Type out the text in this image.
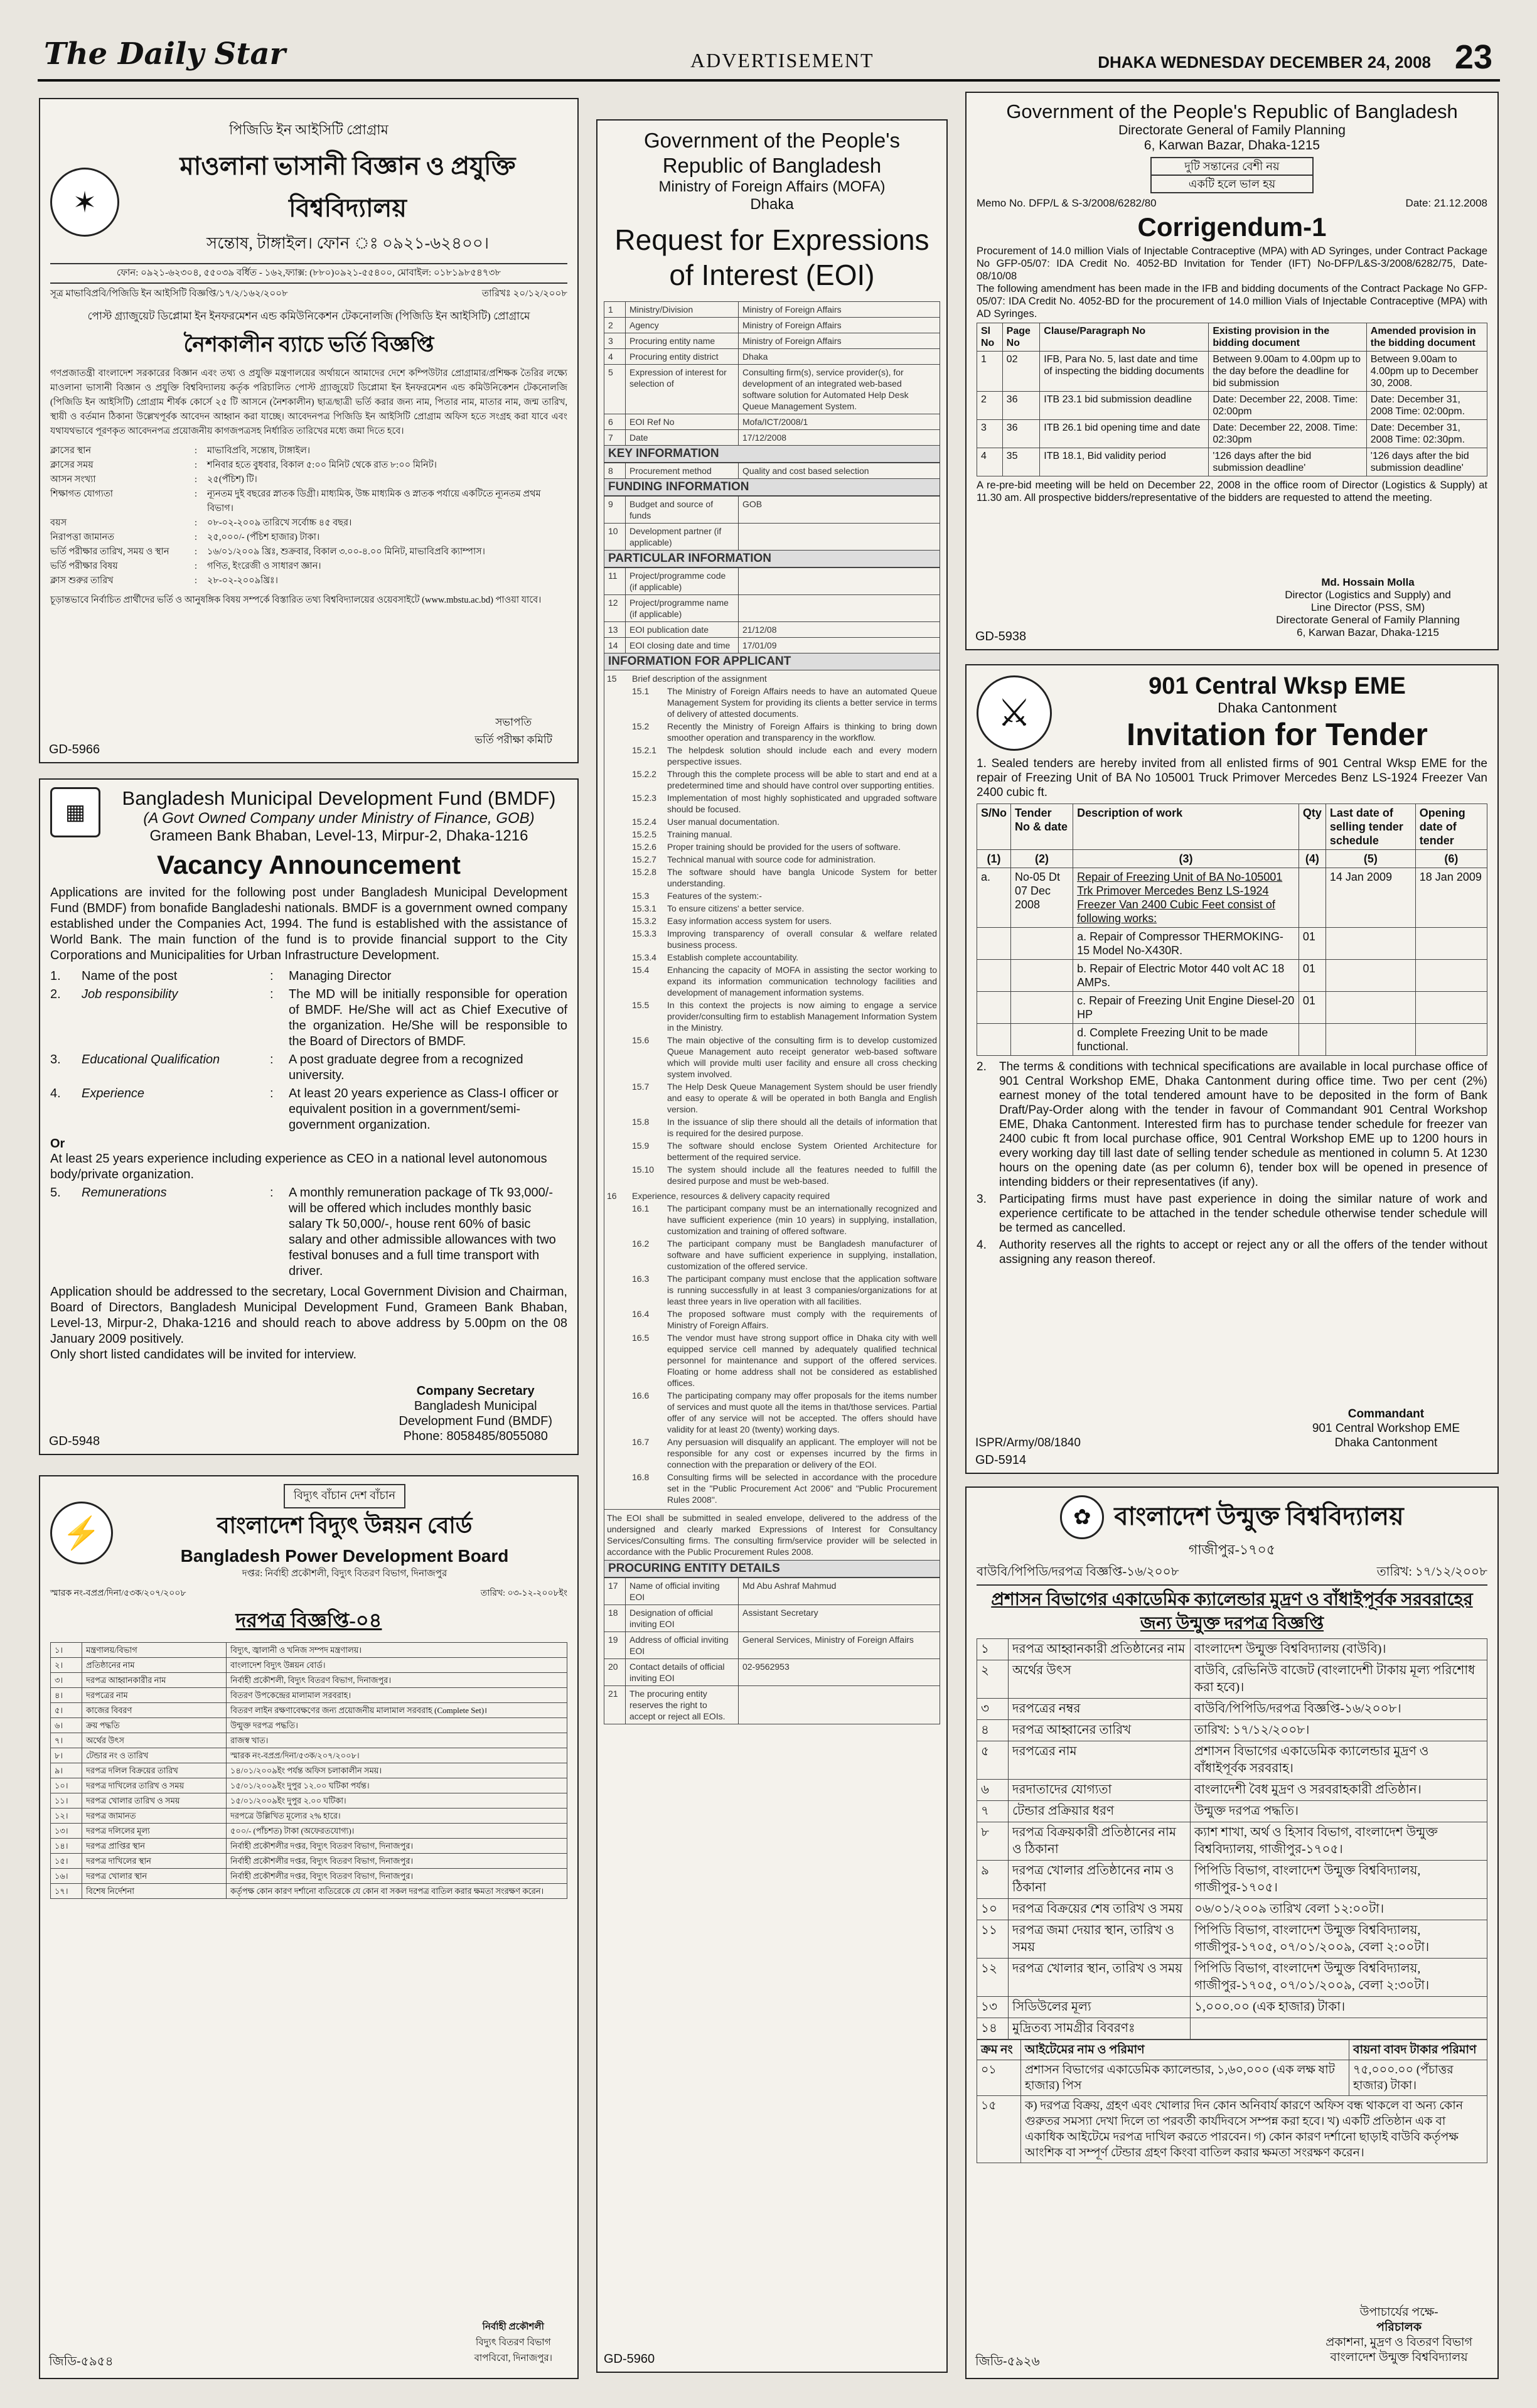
The Daily Star	ADVERTISEMENT	DHAKA WEDNESDAY DECEMBER 24, 2008 23
পিজিডি ইন আইসিটি প্রোগ্রাম
✶
মাওলানা ভাসানী বিজ্ঞান ও প্রযুক্তি বিশ্ববিদ্যালয়
সন্তোষ, টাঙ্গাইল। ফোন ঃ ০৯২১-৬২৪০০।
ফোন: ০৯২১-৬২৩০৪, ৫৫০৩৯ বর্ধিত - ১৬২,ফ্যাক্স: (৮৮০)০৯২১-৫৫৪০০, মোবাইল: ০১৮১৯৮৫৪৭৩৮
সূত্র মাভাবিপ্রবি/পিজিডি ইন আইসিটি বিজ্ঞপ্তি/১৭/২/১৬২/২০০৮	তারিখঃ ২০/১২/২০০৮
পোস্ট গ্র্যাজুয়েট ডিপ্লোমা ইন ইনফরমেশন এন্ড কমিউনিকেশন টেকনোলজি (পিজিডি ইন আইসিটি) প্রোগ্রামে
নৈশকালীন ব্যাচে ভর্তি বিজ্ঞপ্তি
গণপ্রজাতন্ত্রী বাংলাদেশ সরকারের বিজ্ঞান এবং তথ্য ও প্রযুক্তি মন্ত্রণালয়ের অর্থায়নে আমাদের দেশে কম্পিউটার প্রোগ্রামার/প্রশিক্ষক তৈরির লক্ষ্যে মাওলানা ভাসানী বিজ্ঞান ও প্রযুক্তি বিশ্ববিদ্যালয় কর্তৃক পরিচালিত পোস্ট গ্র্যাজুয়েট ডিপ্লোমা ইন ইনফরমেশন এন্ড কমিউনিকেশন টেকনোলজি (পিজিডি ইন আইসিটি) প্রোগ্রাম শীর্ষক কোর্সে ২৫ টি আসনে (নৈশকালীন) ছাত্র/ছাত্রী ভর্তি করার জন্য নাম, পিতার নাম, মাতার নাম, জন্ম তারিখ, স্থায়ী ও বর্তমান ঠিকানা উল্লেখপূর্বক আবেদন আহ্বান করা যাচ্ছে। আবেদনপত্র পিজিডি ইন আইসিটি প্রোগ্রাম অফিস হতে সংগ্রহ করা যাবে এবং যথাযথভাবে পূরণকৃত আবেদনপত্র প্রয়োজনীয় কাগজপত্রসহ নির্ধারিত তারিখের মধ্যে জমা দিতে হবে।
ক্লাসের স্থান	:	মাভাবিপ্রবি, সন্তোষ, টাঙ্গাইল।
ক্লাসের সময়	:	শনিবার হতে বুধবার, বিকাল ৫:০০ মিনিট থেকে রাত ৮:০০ মিনিট।
আসন সংখ্যা	:	২৫(পঁচিশ) টি।
শিক্ষাগত যোগ্যতা	:	ন্যূনতম দুই বছরের স্নাতক ডিগ্রী। মাধ্যমিক, উচ্চ মাধ্যমিক ও স্নাতক পর্যায়ে একটিতে ন্যূনতম প্রথম বিভাগ।
বয়স	:	০৮-০২-২০০৯ তারিখে সর্বোচ্চ ৪৫ বছর।
নিরাপত্তা জামানত	:	২৫,০০০/- (পঁচিশ হাজার) টাকা।
ভর্তি পরীক্ষার তারিখ, সময় ও স্থান	:	১৬/০১/২০০৯ খ্রিঃ, শুক্রবার, বিকাল ৩.০০-৪.০০ মিনিট, মাভাবিপ্রবি ক্যাম্পাস।
ভর্তি পরীক্ষার বিষয়	:	গণিত, ইংরেজী ও সাধারণ জ্ঞান।
ক্লাস শুরুর তারিখ	:	২৮-০২-২০০৯খ্রিঃ।
চূড়ান্তভাবে নির্বাচিত প্রার্থীদের ভর্তি ও আনুষঙ্গিক বিষয় সম্পর্কে বিস্তারিত তথ্য বিশ্ববিদ্যালয়ের ওয়েবসাইটে (www.mbstu.ac.bd) পাওয়া যাবে।
সভাপতি
ভর্তি পরীক্ষা কমিটি
GD-5966
▦
Bangladesh Municipal Development Fund (BMDF)
(A Govt Owned Company under Ministry of Finance, GOB)
Grameen Bank Bhaban, Level-13, Mirpur-2, Dhaka-1216
Vacancy Announcement
Applications are invited for the following post under Bangladesh Municipal Development Fund (BMDF) from bonafide Bangladeshi nationals. BMDF is a government owned company established under the Companies Act, 1994. The fund is established with the assistance of World Bank. The main function of the fund is to provide financial support to the City Corporations and Municipalities for Urban Infrastructure Development.
1.	Name of the post	:	Managing Director
2.	Job responsibility	:	The MD will be initially responsible for operation of BMDF. He/She will act as Chief Executive of the organization. He/She will be responsible to the Board of Directors of BMDF.
3.	Educational Qualification	:	A post graduate degree from a recognized university.
4.	Experience	:	At least 20 years experience as Class-I officer or equivalent position in a government/semi-government organization.
Or
At least 25 years experience including experience as CEO in a national level autonomous body/private organization.
5.	Remunerations	:	A monthly remuneration package of Tk 93,000/- will be offered which includes monthly basic salary Tk 50,000/-, house rent 60% of basic salary and other admissible allowances with two festival bonuses and a full time transport with driver.
Application should be addressed to the secretary, Local Government Division and Chairman, Board of Directors, Bangladesh Municipal Development Fund, Grameen Bank Bhaban, Level-13, Mirpur-2, Dhaka-1216 and should reach to above address by 5.00pm on the 08 January 2009 positively.
Only short listed candidates will be invited for interview.
Company Secretary
Bangladesh Municipal
Development Fund (BMDF)
Phone: 8058485/8055080
GD-5948
⚡
বিদ্যুৎ বাঁচান দেশ বাঁচান
বাংলাদেশ বিদ্যুৎ উন্নয়ন বোর্ড
Bangladesh Power Development Board
দপ্তর: নির্বাহী প্রকৌশলী, বিদ্যুৎ বিতরণ বিভাগ, দিনাজপুর
স্মারক নং-বপ্রপ্র/দিনা/৫৩ক/২০৭/২০০৮	তারিখ: ০৩-১২-২০০৮ইং
দরপত্র বিজ্ঞপ্তি-০৪
১।	মন্ত্রণালয়/বিভাগ	বিদ্যুৎ, জ্বালানী ও খনিজ সম্পদ মন্ত্রণালয়।
২।	প্রতিষ্ঠানের নাম	বাংলাদেশ বিদ্যুৎ উন্নয়ন বোর্ড।
৩।	দরপত্র আহ্বানকারীর নাম	নির্বাহী প্রকৌশলী, বিদ্যুৎ বিতরণ বিভাগ, দিনাজপুর।
৪।	দরপত্রের নাম	বিতরণ উপকেন্দ্রের মালামাল সরবরাহ।
৫।	কাজের বিবরণ	বিতরণ লাইন রক্ষণাবেক্ষণের জন্য প্রয়োজনীয় মালামাল সরবরাহ (Complete Set)।
৬।	ক্রয় পদ্ধতি	উন্মুক্ত দরপত্র পদ্ধতি।
৭।	অর্থের উৎস	রাজস্ব খাত।
৮।	টেন্ডার নং ও তারিখ	স্মারক নং-বপ্রপ্র/দিনা/৫৩ক/২০৭/২০০৮।
৯।	দরপত্র দলিল বিক্রয়ের তারিখ	১৪/০১/২০০৯ইং পর্যন্ত অফিস চলাকালীন সময়।
১০।	দরপত্র দাখিলের তারিখ ও সময়	১৫/০১/২০০৯ইং দুপুর ১২.০০ ঘটিকা পর্যন্ত।
১১।	দরপত্র খোলার তারিখ ও সময়	১৫/০১/২০০৯ইং দুপুর ২.০০ ঘটিকা।
১২।	দরপত্র জামানত	দরপত্রে উল্লিখিত মূল্যের ২% হারে।
১৩।	দরপত্র দলিলের মূল্য	৫০০/- (পাঁচশত) টাকা (অফেরতযোগ্য)।
১৪।	দরপত্র প্রাপ্তির স্থান	নির্বাহী প্রকৌশলীর দপ্তর, বিদ্যুৎ বিতরণ বিভাগ, দিনাজপুর।
১৫।	দরপত্র দাখিলের স্থান	নির্বাহী প্রকৌশলীর দপ্তর, বিদ্যুৎ বিতরণ বিভাগ, দিনাজপুর।
১৬।	দরপত্র খোলার স্থান	নির্বাহী প্রকৌশলীর দপ্তর, বিদ্যুৎ বিতরণ বিভাগ, দিনাজপুর।
১৭।	বিশেষ নির্দেশনা	কর্তৃপক্ষ কোন কারণ দর্শানো ব্যতিরেকে যে কোন বা সকল দরপত্র বাতিল করার ক্ষমতা সংরক্ষণ করেন।
নির্বাহী প্রকৌশলী
বিদ্যুৎ বিতরণ বিভাগ
বাপবিবো, দিনাজপুর।
জিডি-৫৯৫৪
Government of the People's Republic of Bangladesh
Ministry of Foreign Affairs (MOFA)
Dhaka
Request for Expressions of Interest (EOI)
1	Ministry/Division	Ministry of Foreign Affairs
2	Agency	Ministry of Foreign Affairs
3	Procuring entity name	Ministry of Foreign Affairs
4	Procuring entity district	Dhaka
5	Expression of interest for selection of	Consulting firm(s), service provider(s), for development of an integrated web-based software solution for Automated Help Desk Queue Management System.
6	EOI Ref No	Mofa/ICT/2008/1
7	Date	17/12/2008
KEY INFORMATION
8	Procurement method	Quality and cost based selection
FUNDING INFORMATION
9	Budget and source of funds	GOB
10	Development partner (if applicable)	
PARTICULAR INFORMATION
11	Project/programme code (if applicable)	
12	Project/programme name (if applicable)	
13	EOI publication date	21/12/08
14	EOI closing date and time	17/01/09
INFORMATION FOR APPLICANT
15	Brief description of the assignment
15.1	The Ministry of Foreign Affairs needs to have an automated Queue Management System for providing its clients a better service in terms of delivery of attested documents.
15.2	Recently the Ministry of Foreign Affairs is thinking to bring down smoother operation and transparency in the workflow.
15.2.1	The helpdesk solution should include each and every modern perspective issues.
15.2.2	Through this the complete process will be able to start and end at a predetermined time and should have control over supporting entities.
15.2.3	Implementation of most highly sophisticated and upgraded software should be focused.
15.2.4	User manual documentation.
15.2.5	Training manual.
15.2.6	Proper training should be provided for the users of software.
15.2.7	Technical manual with source code for administration.
15.2.8	The software should have bangla Unicode System for better understanding.
15.3	Features of the system:-
15.3.1	To ensure citizens' a better service.
15.3.2	Easy information access system for users.
15.3.3	Improving transparency of overall consular & welfare related business process.
15.3.4	Establish complete accountability.
15.4	Enhancing the capacity of MOFA in assisting the sector working to expand its information communication technology facilities and development of management information systems.
15.5	In this context the projects is now aiming to engage a service provider/consulting firm to establish Management Information System in the Ministry.
15.6	The main objective of the consulting firm is to develop customized Queue Management auto receipt generator web-based software which will provide multi user facility and ensure all cross checking system involved.
15.7	The Help Desk Queue Management System should be user friendly and easy to operate & will be operated in both Bangla and English version.
15.8	In the issuance of slip there should all the details of information that is required for the desired purpose.
15.9	The software should enclose System Oriented Architecture for betterment of the required service.
15.10	The system should include all the features needed to fulfill the desired purpose and must be web-based.
16	Experience, resources & delivery capacity required
16.1	The participant company must be an internationally recognized and have sufficient experience (min 10 years) in supplying, installation, customization and training of offered software.
16.2	The participant company must be Bangladesh manufacturer of software and have sufficient experience in supplying, installation, customization of the offered service.
16.3	The participant company must enclose that the application software is running successfully in at least 3 companies/organizations for at least three years in live operation with all facilities.
16.4	The proposed software must comply with the requirements of Ministry of Foreign Affairs.
16.5	The vendor must have strong support office in Dhaka city with well equipped service cell manned by adequately qualified technical personnel for maintenance and support of the offered services. Floating or home address shall not be considered as established offices.
16.6	The participating company may offer proposals for the items number of services and must quote all the items in that/those services. Partial offer of any service will not be accepted. The offers should have validity for at least 20 (twenty) working days.
16.7	Any persuasion will disqualify an applicant. The employer will not be responsible for any cost or expenses incurred by the firms in connection with the preparation or delivery of the EOI.
16.8	Consulting firms will be selected in accordance with the procedure set in the "Public Procurement Act 2006" and "Public Procurement Rules 2008".
The EOI shall be submitted in sealed envelope, delivered to the address of the undersigned and clearly marked Expressions of Interest for Consultancy Services/Consulting firms. The consulting firm/service provider will be selected in accordance with the Public Procurement Rules 2008.
PROCURING ENTITY DETAILS
17	Name of official inviting EOI	Md Abu Ashraf Mahmud
18	Designation of official inviting EOI	Assistant Secretary
19	Address of official inviting EOI	General Services, Ministry of Foreign Affairs
20	Contact details of official inviting EOI	02-9562953
21	The procuring entity reserves the right to accept or reject all EOIs.	
GD-5960
Government of the People's Republic of Bangladesh
Directorate General of Family Planning
6, Karwan Bazar, Dhaka-1215
দুটি সন্তানের বেশী নয়
একটি হলে ভাল হয়
Memo No. DFP/L & S-3/2008/6282/80	Date: 21.12.2008
Corrigendum-1
Procurement of 14.0 million Vials of Injectable Contraceptive (MPA) with AD Syringes, under Contract Package No GFP-05/07: IDA Credit No. 4052-BD Invitation for Tender (IFT) No-DFP/L&S-3/2008/6282/75, Date-08/10/08
The following amendment has been made in the IFB and bidding documents of the Contract Package No GFP-05/07: IDA Credit No. 4052-BD for the procurement of 14.0 million Vials of Injectable Contraceptive (MPA) with AD Syringes.
Sl No	Page No	Clause/Paragraph No	Existing provision in the bidding document	Amended provision in the bidding document
1	02	IFB, Para No. 5, last date and time of inspecting the bidding documents	Between 9.00am to 4.00pm up to the day before the deadline for bid submission	Between 9.00am to 4.00pm up to December 30, 2008.
2	36	ITB 23.1 bid submission deadline	Date: December 22, 2008. Time: 02:00pm	Date: December 31, 2008 Time: 02:00pm.
3	36	ITB 26.1 bid opening time and date	Date: December 22, 2008. Time: 02:30pm	Date: December 31, 2008 Time: 02:30pm.
4	35	ITB 18.1, Bid validity period	'126 days after the bid submission deadline'	'126 days after the bid submission deadline'
A re-pre-bid meeting will be held on December 22, 2008 in the office room of Director (Logistics & Supply) at 11.30 am. All prospective bidders/representative of the bidders are requested to attend the meeting.
Md. Hossain Molla
Director (Logistics and Supply) and
Line Director (PSS, SM)
Directorate General of Family Planning
6, Karwan Bazar, Dhaka-1215
GD-5938
⚔
901 Central Wksp EME
Dhaka Cantonment
Invitation for Tender
1. Sealed tenders are hereby invited from all enlisted firms of 901 Central Wksp EME for the repair of Freezing Unit of BA No 105001 Truck Primover Mercedes Benz LS-1924 Freezer Van 2400 cubic ft.
S/No	Tender No & date	Description of work	Qty	Last date of selling tender schedule	Opening date of tender
(1)	(2)	(3)	(4)	(5)	(6)
a.	No-05 Dt 07 Dec 2008	Repair of Freezing Unit of BA No-105001 Trk Primover Mercedes Benz LS-1924 Freezer Van 2400 Cubic Feet consist of following works:		14 Jan 2009	18 Jan 2009
		a. Repair of Compressor THERMOKING-15 Model No-X430R.	01		
		b. Repair of Electric Motor 440 volt AC 18 AMPs.	01		
		c. Repair of Freezing Unit Engine Diesel-20 HP	01		
		d. Complete Freezing Unit to be made functional.			
2.	The terms & conditions with technical specifications are available in local purchase office of 901 Central Workshop EME, Dhaka Cantonment during office time. Two per cent (2%) earnest money of the total tendered amount have to be deposited in the form of Bank Draft/Pay-Order along with the tender in favour of Commandant 901 Central Workshop EME, Dhaka Cantonment. Interested firm has to purchase tender schedule for freezer van 2400 cubic ft from local purchase office, 901 Central Workshop EME up to 1200 hours in every working day till last date of selling tender schedule as mentioned in column 5. At 1230 hours on the opening date (as per column 6), tender box will be opened in presence of intending bidders or their representatives (if any).
3.	Participating firms must have past experience in doing the similar nature of work and experience certificate to be attached in the tender schedule otherwise tender schedule will be termed as cancelled.
4.	Authority reserves all the rights to accept or reject any or all the offers of the tender without assigning any reason thereof.
Commandant
901 Central Workshop EME
Dhaka Cantonment
ISPR/Army/08/1840
GD-5914
✿ বাংলাদেশ উন্মুক্ত বিশ্ববিদ্যালয়
গাজীপুর-১৭০৫
বাউবি/পিপিডি/দরপত্র বিজ্ঞপ্তি-১৬/২০০৮	তারিখ: ১৭/১২/২০০৮
প্রশাসন বিভাগের একাডেমিক ক্যালেন্ডার মুদ্রণ ও বাঁধাইপূর্বক সরবরাহের জন্য উন্মুক্ত দরপত্র বিজ্ঞপ্তি
১	দরপত্র আহ্বানকারী প্রতিষ্ঠানের নাম	বাংলাদেশ উন্মুক্ত বিশ্ববিদ্যালয় (বাউবি)।
২	অর্থের উৎস	বাউবি, রেভিনিউ বাজেট (বাংলাদেশী টাকায় মূল্য পরিশোধ করা হবে)।
৩	দরপত্রের নম্বর	বাউবি/পিপিডি/দরপত্র বিজ্ঞপ্তি-১৬/২০০৮।
৪	দরপত্র আহ্বানের তারিখ	তারিখ: ১৭/১২/২০০৮।
৫	দরপত্রের নাম	প্রশাসন বিভাগের একাডেমিক ক্যালেন্ডার মুদ্রণ ও বাঁধাইপূর্বক সরবরাহ।
৬	দরদাতাদের যোগ্যতা	বাংলাদেশী বৈধ মুদ্রণ ও সরবরাহকারী প্রতিষ্ঠান।
৭	টেন্ডার প্রক্রিয়ার ধরণ	উন্মুক্ত দরপত্র পদ্ধতি।
৮	দরপত্র বিক্রয়কারী প্রতিষ্ঠানের নাম ও ঠিকানা	ক্যাশ শাখা, অর্থ ও হিসাব বিভাগ, বাংলাদেশ উন্মুক্ত বিশ্ববিদ্যালয়, গাজীপুর-১৭০৫।
৯	দরপত্র খোলার প্রতিষ্ঠানের নাম ও ঠিকানা	পিপিডি বিভাগ, বাংলাদেশ উন্মুক্ত বিশ্ববিদ্যালয়, গাজীপুর-১৭০৫।
১০	দরপত্র বিক্রয়ের শেষ তারিখ ও সময়	০৬/০১/২০০৯ তারিখ বেলা ১২:০০টা।
১১	দরপত্র জমা দেয়ার স্থান, তারিখ ও সময়	পিপিডি বিভাগ, বাংলাদেশ উন্মুক্ত বিশ্ববিদ্যালয়, গাজীপুর-১৭০৫, ০৭/০১/২০০৯, বেলা ২:০০টা।
১২	দরপত্র খোলার স্থান, তারিখ ও সময়	পিপিডি বিভাগ, বাংলাদেশ উন্মুক্ত বিশ্ববিদ্যালয়, গাজীপুর-১৭০৫, ০৭/০১/২০০৯, বেলা ২:৩০টা।
১৩	সিডিউলের মূল্য	১,০০০.০০ (এক হাজার) টাকা।
১৪	মুদ্রিতব্য সামগ্রীর বিবরণঃ	
ক্রম নং	আইটেমের নাম ও পরিমাণ	বায়না বাবদ টাকার পরিমাণ
০১	প্রশাসন বিভাগের একাডেমিক ক্যালেন্ডার, ১,৬০,০০০ (এক লক্ষ ষাট হাজার) পিস	৭৫,০০০.০০ (পঁচাত্তর হাজার) টাকা।
১৫	ক) দরপত্র বিক্রয়, গ্রহণ এবং খোলার দিন কোন অনিবার্য কারণে অফিস বন্ধ থাকলে বা অন্য কোন গুরুতর সমস্যা দেখা দিলে তা পরবর্তী কার্যদিবসে সম্পন্ন করা হবে। খ) একটি প্রতিষ্ঠান এক বা একাধিক আইটেমে দরপত্র দাখিল করতে পারবেন। গ) কোন কারণ দর্শানো ছাড়াই বাউবি কর্তৃপক্ষ আংশিক বা সম্পূর্ণ টেন্ডার গ্রহণ কিংবা বাতিল করার ক্ষমতা সংরক্ষণ করেন।	
উপাচার্যের পক্ষে-
পরিচালক
প্রকাশনা, মুদ্রণ ও বিতরণ বিভাগ
বাংলাদেশ উন্মুক্ত বিশ্ববিদ্যালয়
জিডি-৫৯২৬
